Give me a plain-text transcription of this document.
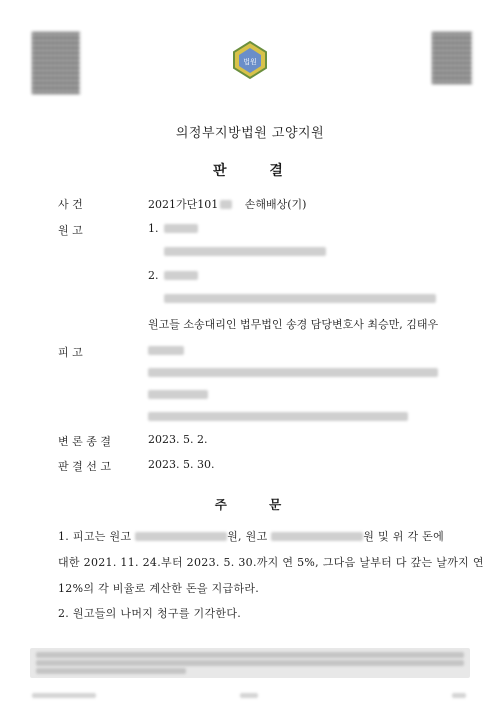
법원
의정부지방법원 고양지원
판 결
사 건	2021가단101 손해배상(기)
원 고	1.
2.
원고들 소송대리인 법무법인 송경 담당변호사 최승만, 김태우
피 고
변 론 종 결	2023. 5. 2.
판 결 선 고	2023. 5. 30.
주 문
1. 피고는 원고	원, 원고	원 및 위 각 돈에
대한 2021. 11. 24.부터 2023. 5. 30.까지 연 5%, 그다음 날부터 다 갚는 날까지 연
12%의 각 비율로 계산한 돈을 지급하라.
2. 원고들의 나머지 청구를 기각한다.
